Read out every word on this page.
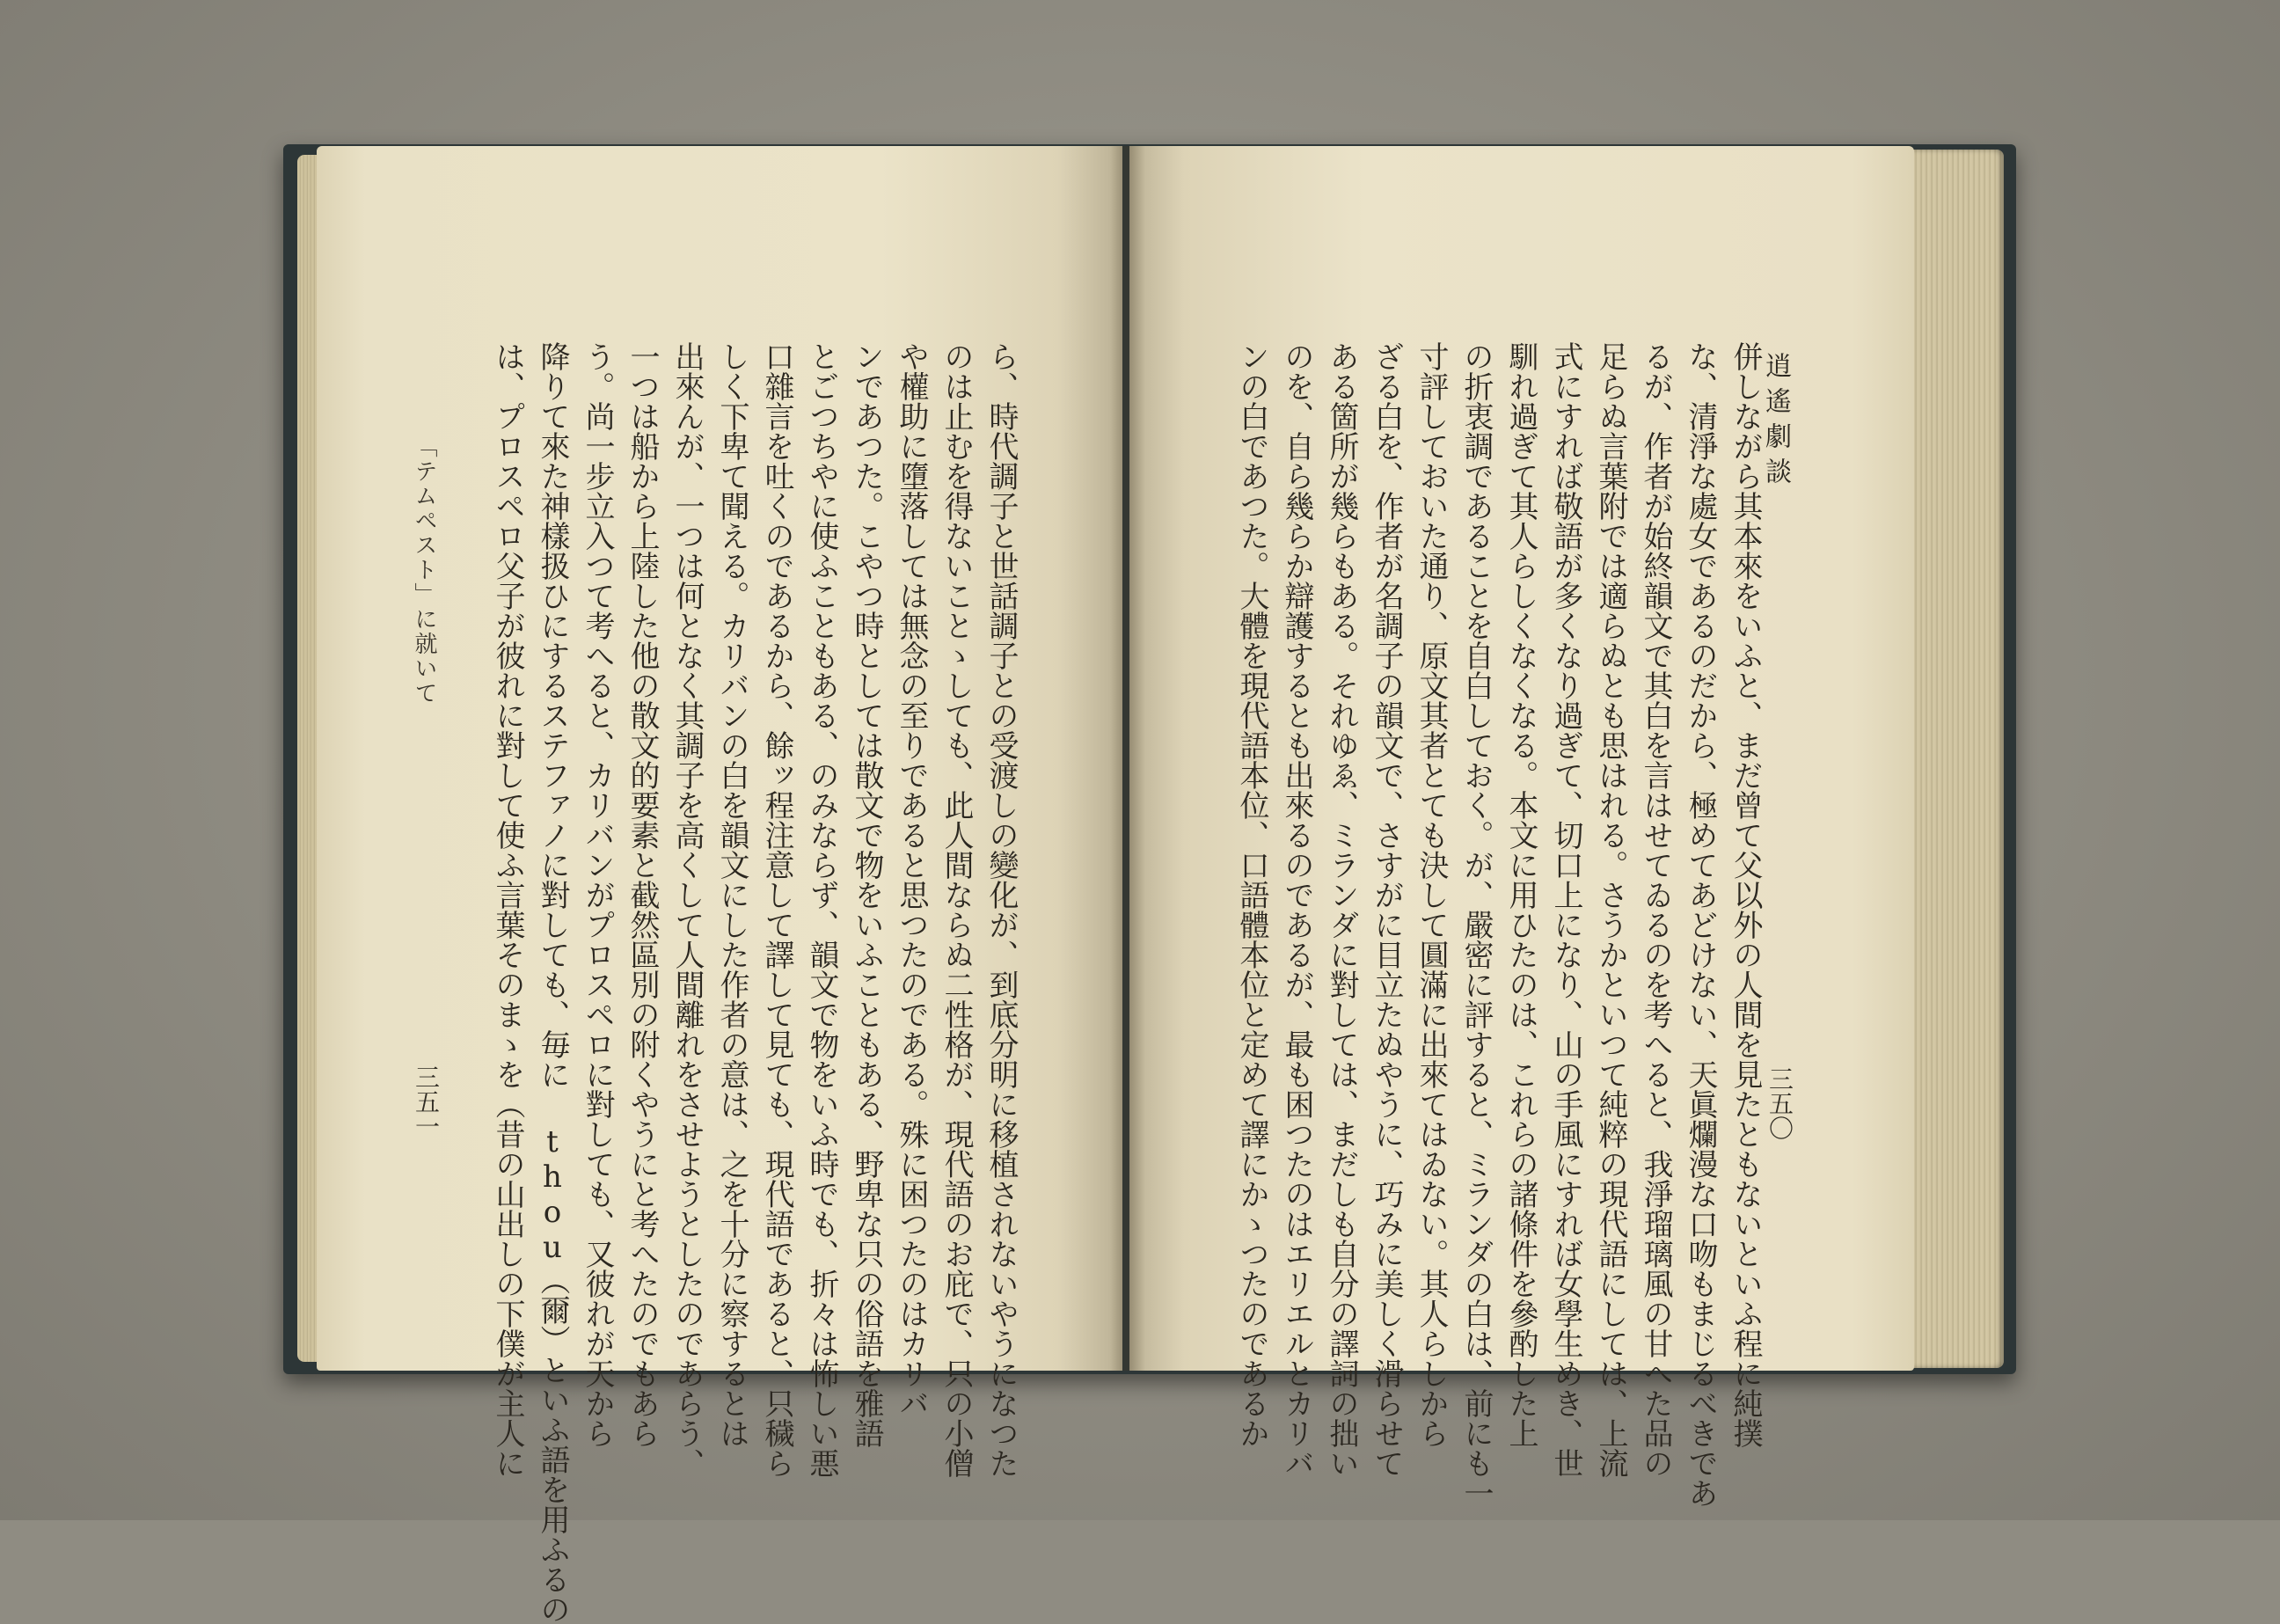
逍遙劇談
三五〇
併しながら其本來をいふと、まだ曾て父以外の人間を見たともないといふ程に純撲
な、清淨な處女であるのだから、極めてあどけない、天眞爛漫な口吻もまじるべきであ
るが、作者が始終韻文で其白を言はせてゐるのを考へると、我淨瑠璃風の甘へた品の
足らぬ言葉附では適らぬとも思はれる。さうかといつて純粹の現代語にしては、上流
式にすれば敬語が多くなり過ぎて、切口上になり、山の手風にすれば女學生めき、世
馴れ過ぎて其人らしくなくなる。本文に用ひたのは、これらの諸條件を參酌した上
の折衷調であることを自白しておく。が、嚴密に評すると、ミランダの白は、前にも一
寸評しておいた通り、原文其者とても決して圓滿に出來てはゐない。其人らしから
ざる白を、作者が名調子の韻文で、さすがに目立たぬやうに、巧みに美しく滑らせて
ある箇所が幾らもある。それゆゑ、ミランダに對しては、まだしも自分の譯詞の拙い
のを、自ら幾らか辯護するとも出來るのであるが、最も困つたのはエリエルとカリバ
ンの白であつた。大體を現代語本位、口語體本位と定めて譯にかゝつたのであるか
ら、時代調子と世話調子との受渡しの變化が、到底分明に移植されないやうになつた
のは止むを得ないことゝしても、此人間ならぬ二性格が、現代語のお庇で、只の小僧
や權助に墮落しては無念の至りであると思つたのである。殊に困つたのはカリバ
ンであつた。こやつ時としては散文で物をいふこともある、野卑な只の俗語を雅語
とごつちやに使ふこともある、のみならず、韻文で物をいふ時でも、折々は怖しい悪
口雜言を吐くのであるから、餘ッ程注意して譯して見ても、現代語であると、只穢ら
しく下卑て聞える。カリバンの白を韻文にした作者の意は、之を十分に察するとは
出來んが、一つは何となく其調子を高くして人間離れをさせようとしたのであらう、
一つは船から上陸した他の散文的要素と截然區別の附くやうにと考へたのでもあら
う。尚一步立入つて考へると、カリバンがプロスペロに對しても、又彼れが天から
降りて來た神樣扱ひにするステファノに對しても、毎に thou（爾）といふ語を用ふるの
は、プロスペロ父子が彼れに對して使ふ言葉そのまゝを（昔の山出しの下僕が主人に
「テムペスト」に就いて
三五一
